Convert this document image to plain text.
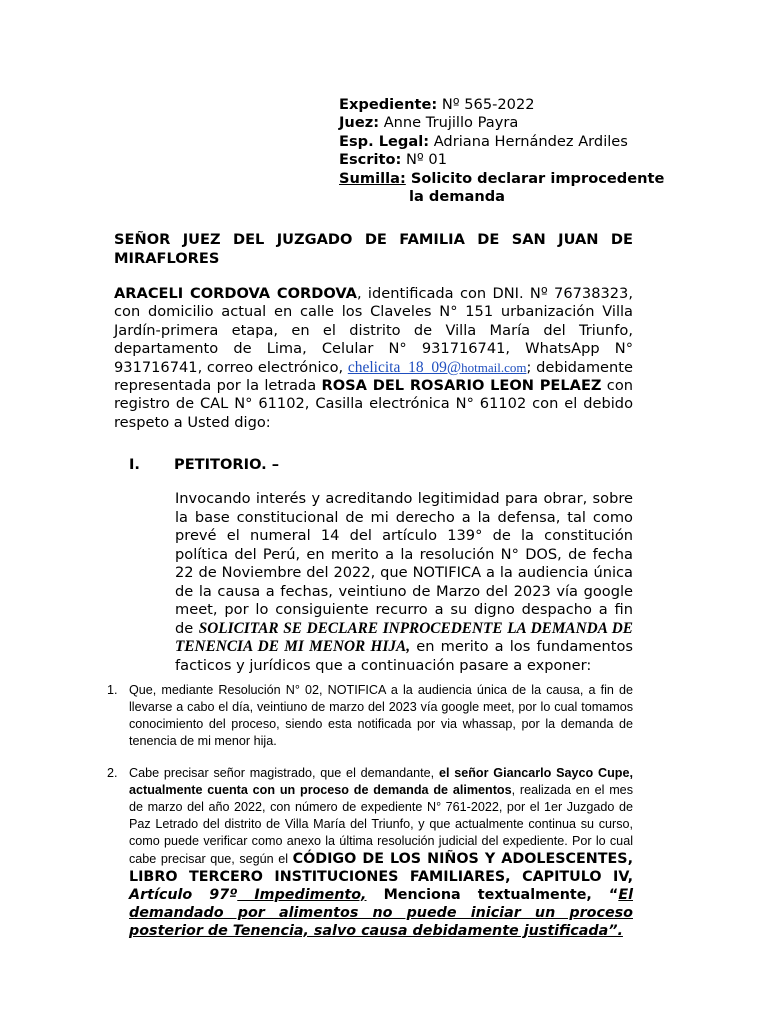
Expediente: Nº 565-2022
Juez: Anne Trujillo Payra
Esp. Legal: Adriana Hernández Ardiles
Escrito: Nº 01
Sumilla: Solicito declarar improcedente
la demanda
SEÑOR JUEZ DEL JUZGADO DE FAMILIA DE SAN JUAN DE MIRAFLORES
ARACELI CORDOVA CORDOVA, identificada con DNI. Nº 76738323, con domicilio actual en calle los Claveles N° 151 urbanización Villa Jardín-primera etapa, en el distrito de Villa María del Triunfo, departamento de Lima, Celular N° 931716741, WhatsApp N° 931716741, correo electrónico, chelicita_18_09@hotmail.com; debidamente representada por la letrada ROSA DEL ROSARIO LEON PELAEZ con registro de CAL N° 61102, Casilla electrónica N° 61102 con el debido respeto a Usted digo:
I. PETITORIO. –
Invocando interés y acreditando legitimidad para obrar, sobre la base constitucional de mi derecho a la defensa, tal como prevé el numeral 14 del artículo 139° de la constitución política del Perú, en merito a la resolución N° DOS, de fecha 22 de Noviembre del 2022, que NOTIFICA a la audiencia única de la causa a fechas, veintiuno de Marzo del 2023 vía google meet, por lo consiguiente recurro a su digno despacho a fin de SOLICITAR SE DECLARE INPROCEDENTE LA DEMANDA DE TENENCIA DE MI MENOR HIJA, en merito a los fundamentos facticos y jurídicos que a continuación pasare a exponer:
1. Que, mediante Resolución N° 02, NOTIFICA a la audiencia única de la causa, a fin de llevarse a cabo el día, veintiuno de marzo del 2023 vía google meet, por lo cual tomamos conocimiento del proceso, siendo esta notificada por via whassap, por la demanda de tenencia de mi menor hija.
2. Cabe precisar señor magistrado, que el demandante, el señor Giancarlo Sayco Cupe, actualmente cuenta con un proceso de demanda de alimentos, realizada en el mes de marzo del año 2022, con número de expediente N° 761-2022, por el 1er Juzgado de Paz Letrado del distrito de Villa María del Triunfo, y que actualmente continua su curso, como puede verificar como anexo la última resolución judicial del expediente. Por lo cual cabe precisar que, según el CÓDIGO DE LOS NIÑOS Y ADOLESCENTES, LIBRO TERCERO INSTITUCIONES FAMILIARES, CAPITULO IV, Artículo 97º Impedimento, Menciona textualmente, “El demandado por alimentos no puede iniciar un proceso posterior de Tenencia, salvo causa debidamente justificada”.
